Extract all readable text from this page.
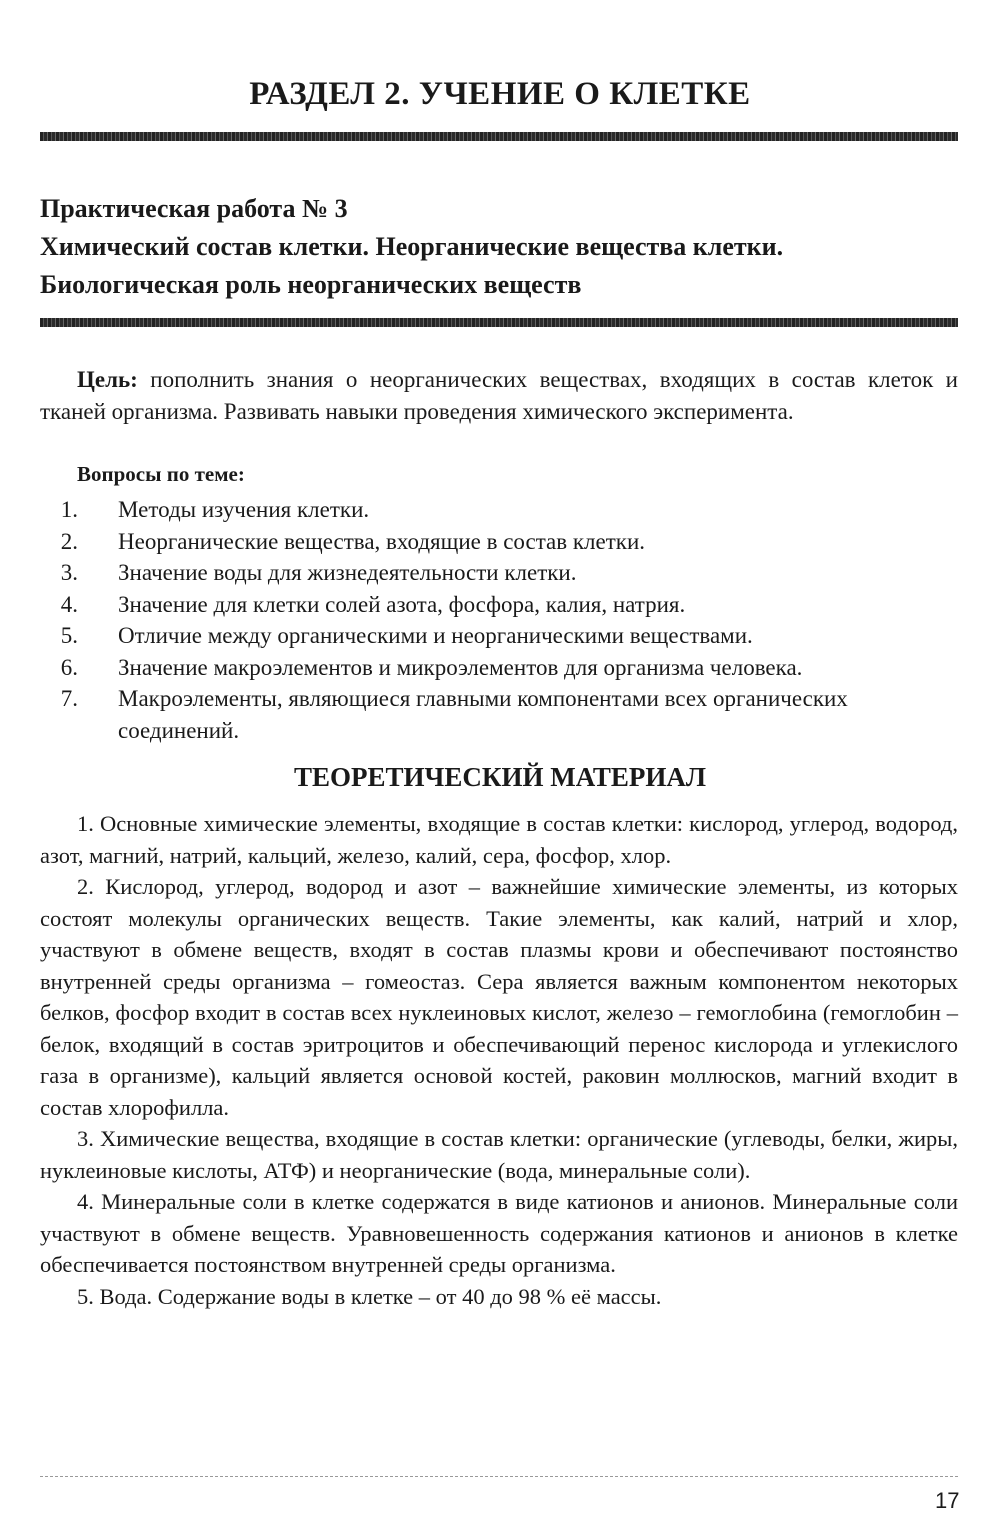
РАЗДЕЛ 2. УЧЕНИЕ О КЛЕТКЕ
Практическая работа № 3
Химический состав клетки. Неорганические вещества клетки.
Биологическая роль неорганических веществ
Цель: пополнить знания о неорганических веществах, входящих в состав клеток и тканей организма. Развивать навыки проведения химического эксперимента.
Вопросы по теме:
1.	Методы изучения клетки.
2.	Неорганические вещества, входящие в состав клетки.
3.	Значение воды для жизнедеятельности клетки.
4.	Значение для клетки солей азота, фосфора, калия, натрия.
5.	Отличие между органическими и неорганическими веществами.
6.	Значение макроэлементов и микроэлементов для организма человека.
7.	Макроэлементы, являющиеся главными компонентами всех органических соединений.
ТЕОРЕТИЧЕСКИЙ МАТЕРИАЛ

1. Основные химические элементы, входящие в состав клетки: кислород, углерод, водород, азот, магний, натрий, кальций, железо, калий, сера, фосфор, хлор.

2. Кислород, углерод, водород и азот – важнейшие химические элементы, из которых состоят молекулы органических веществ. Такие элементы, как калий, натрий и хлор, участвуют в обмене веществ, входят в состав плазмы крови и обеспечивают постоянство внутренней среды организма – гомеостаз. Сера является важным компонентом некоторых белков, фосфор входит в состав всех нуклеиновых кислот, железо – гемоглобина (гемоглобин – белок, входящий в состав эритроцитов и обеспечивающий перенос кислорода и углекислого газа в организме), кальций является основой костей, раковин моллюсков, магний входит в состав хлорофилла.

3. Химические вещества, входящие в состав клетки: органические (углеводы, белки, жиры, нуклеиновые кислоты, АТФ) и неорганические (вода, минеральные соли).

4. Минеральные соли в клетке содержатся в виде катионов и анионов. Минеральные соли участвуют в обмене веществ. Уравновешенность содержания катионов и анионов в клетке обеспечивается постоянством внутренней среды организма.

5. Вода. Содержание воды в клетке – от 40 до 98 % её массы.

17
